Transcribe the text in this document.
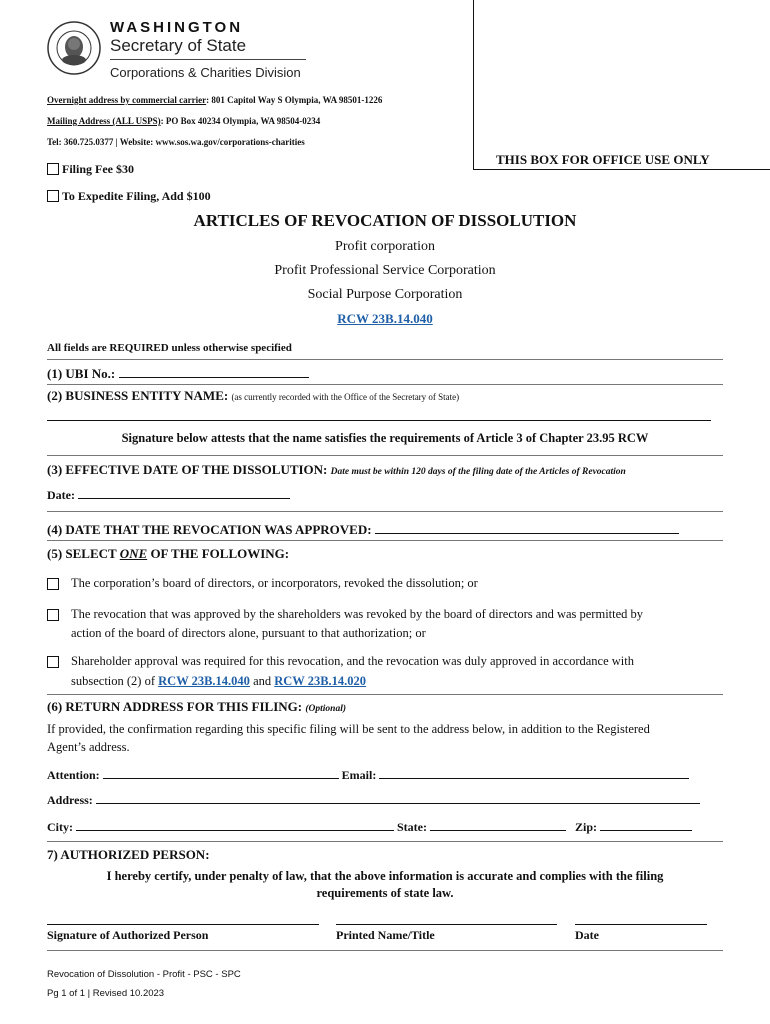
THIS BOX FOR OFFICE USE ONLY
WASHINGTON
Secretary of State
Corporations & Charities Division
Overnight address by commercial carrier: 801 Capitol Way S Olympia, WA 98501-1226
Mailing Address (ALL USPS): PO Box 40234 Olympia, WA 98504-0234
Tel: 360.725.0377 | Website: www.sos.wa.gov/corporations-charities
Filing Fee $30
To Expedite Filing, Add $100
ARTICLES OF REVOCATION OF DISSOLUTION
Profit corporation
Profit Professional Service Corporation
Social Purpose Corporation
RCW 23B.14.040
All fields are REQUIRED unless otherwise specified
(1) UBI No.:
(2) BUSINESS ENTITY NAME: (as currently recorded with the Office of the Secretary of State)
Signature below attests that the name satisfies the requirements of Article 3 of Chapter 23.95 RCW
(3) EFFECTIVE DATE OF THE DISSOLUTION: Date must be within 120 days of the filing date of the Articles of Revocation
Date:
(4) DATE THAT THE REVOCATION WAS APPROVED:
(5) SELECT ONE OF THE FOLLOWING:
The corporation’s board of directors, or incorporators, revoked the dissolution; or
The revocation that was approved by the shareholders was revoked by the board of directors and was permitted by
action of the board of directors alone, pursuant to that authorization; or
Shareholder approval was required for this revocation, and the revocation was duly approved in accordance with
subsection (2) of RCW 23B.14.040 and RCW 23B.14.020
(6) RETURN ADDRESS FOR THIS FILING: (Optional)
If provided, the confirmation regarding this specific filing will be sent to the address below, in addition to the Registered
Agent’s address.
Attention:	Email:
Address:
City:	State:	Zip:
7) AUTHORIZED PERSON:
I hereby certify, under penalty of law, that the above information is accurate and complies with the filing
requirements of state law.
Signature of Authorized Person	Printed Name/Title	Date
Revocation of Dissolution - Profit - PSC - SPC
Pg 1 of 1 | Revised 10.2023
